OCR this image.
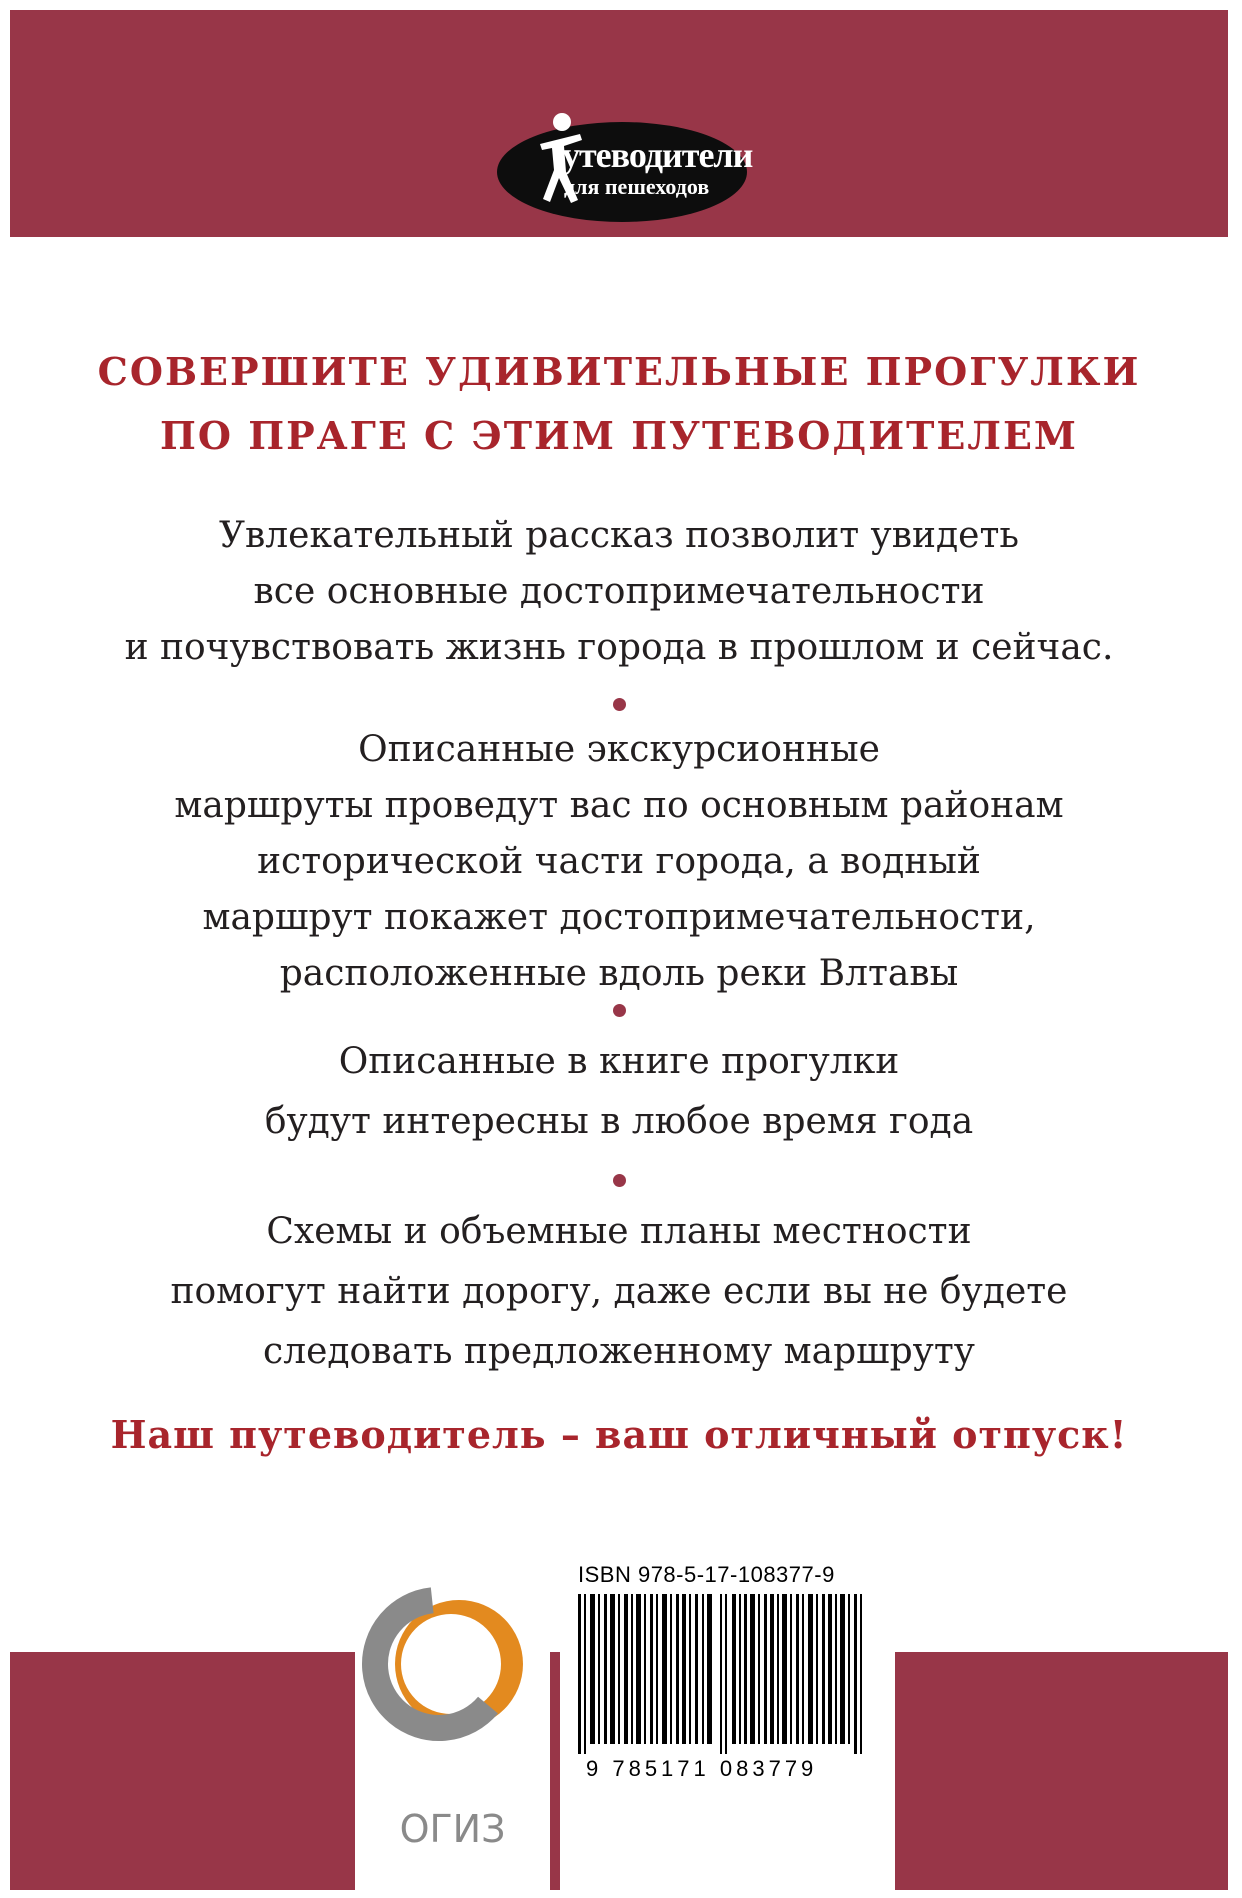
утеводители
для пешеходов
СОВЕРШИТЕ УДИВИТЕЛЬНЫЕ ПРОГУЛКИ
ПО ПРАГЕ С ЭТИМ ПУТЕВОДИТЕЛЕМ
Увлекательный рассказ позволит увидеть
все основные достопримечательности
и почувствовать жизнь города в прошлом и сейчас.
Описанные экскурсионные
маршруты проведут вас по основным районам
исторической части города, а водный
маршрут покажет достопримечательности,
расположенные вдоль реки Влтавы
Описанные в книге прогулки
будут интересны в любое время года
Схемы и объемные планы местности
помогут найти дорогу, даже если вы не будете
следовать предложенному маршруту
Наш путеводитель – ваш отличный отпуск!
ОГИЗ
ISBN 978-5-17-108377-9
9 785171 083779
